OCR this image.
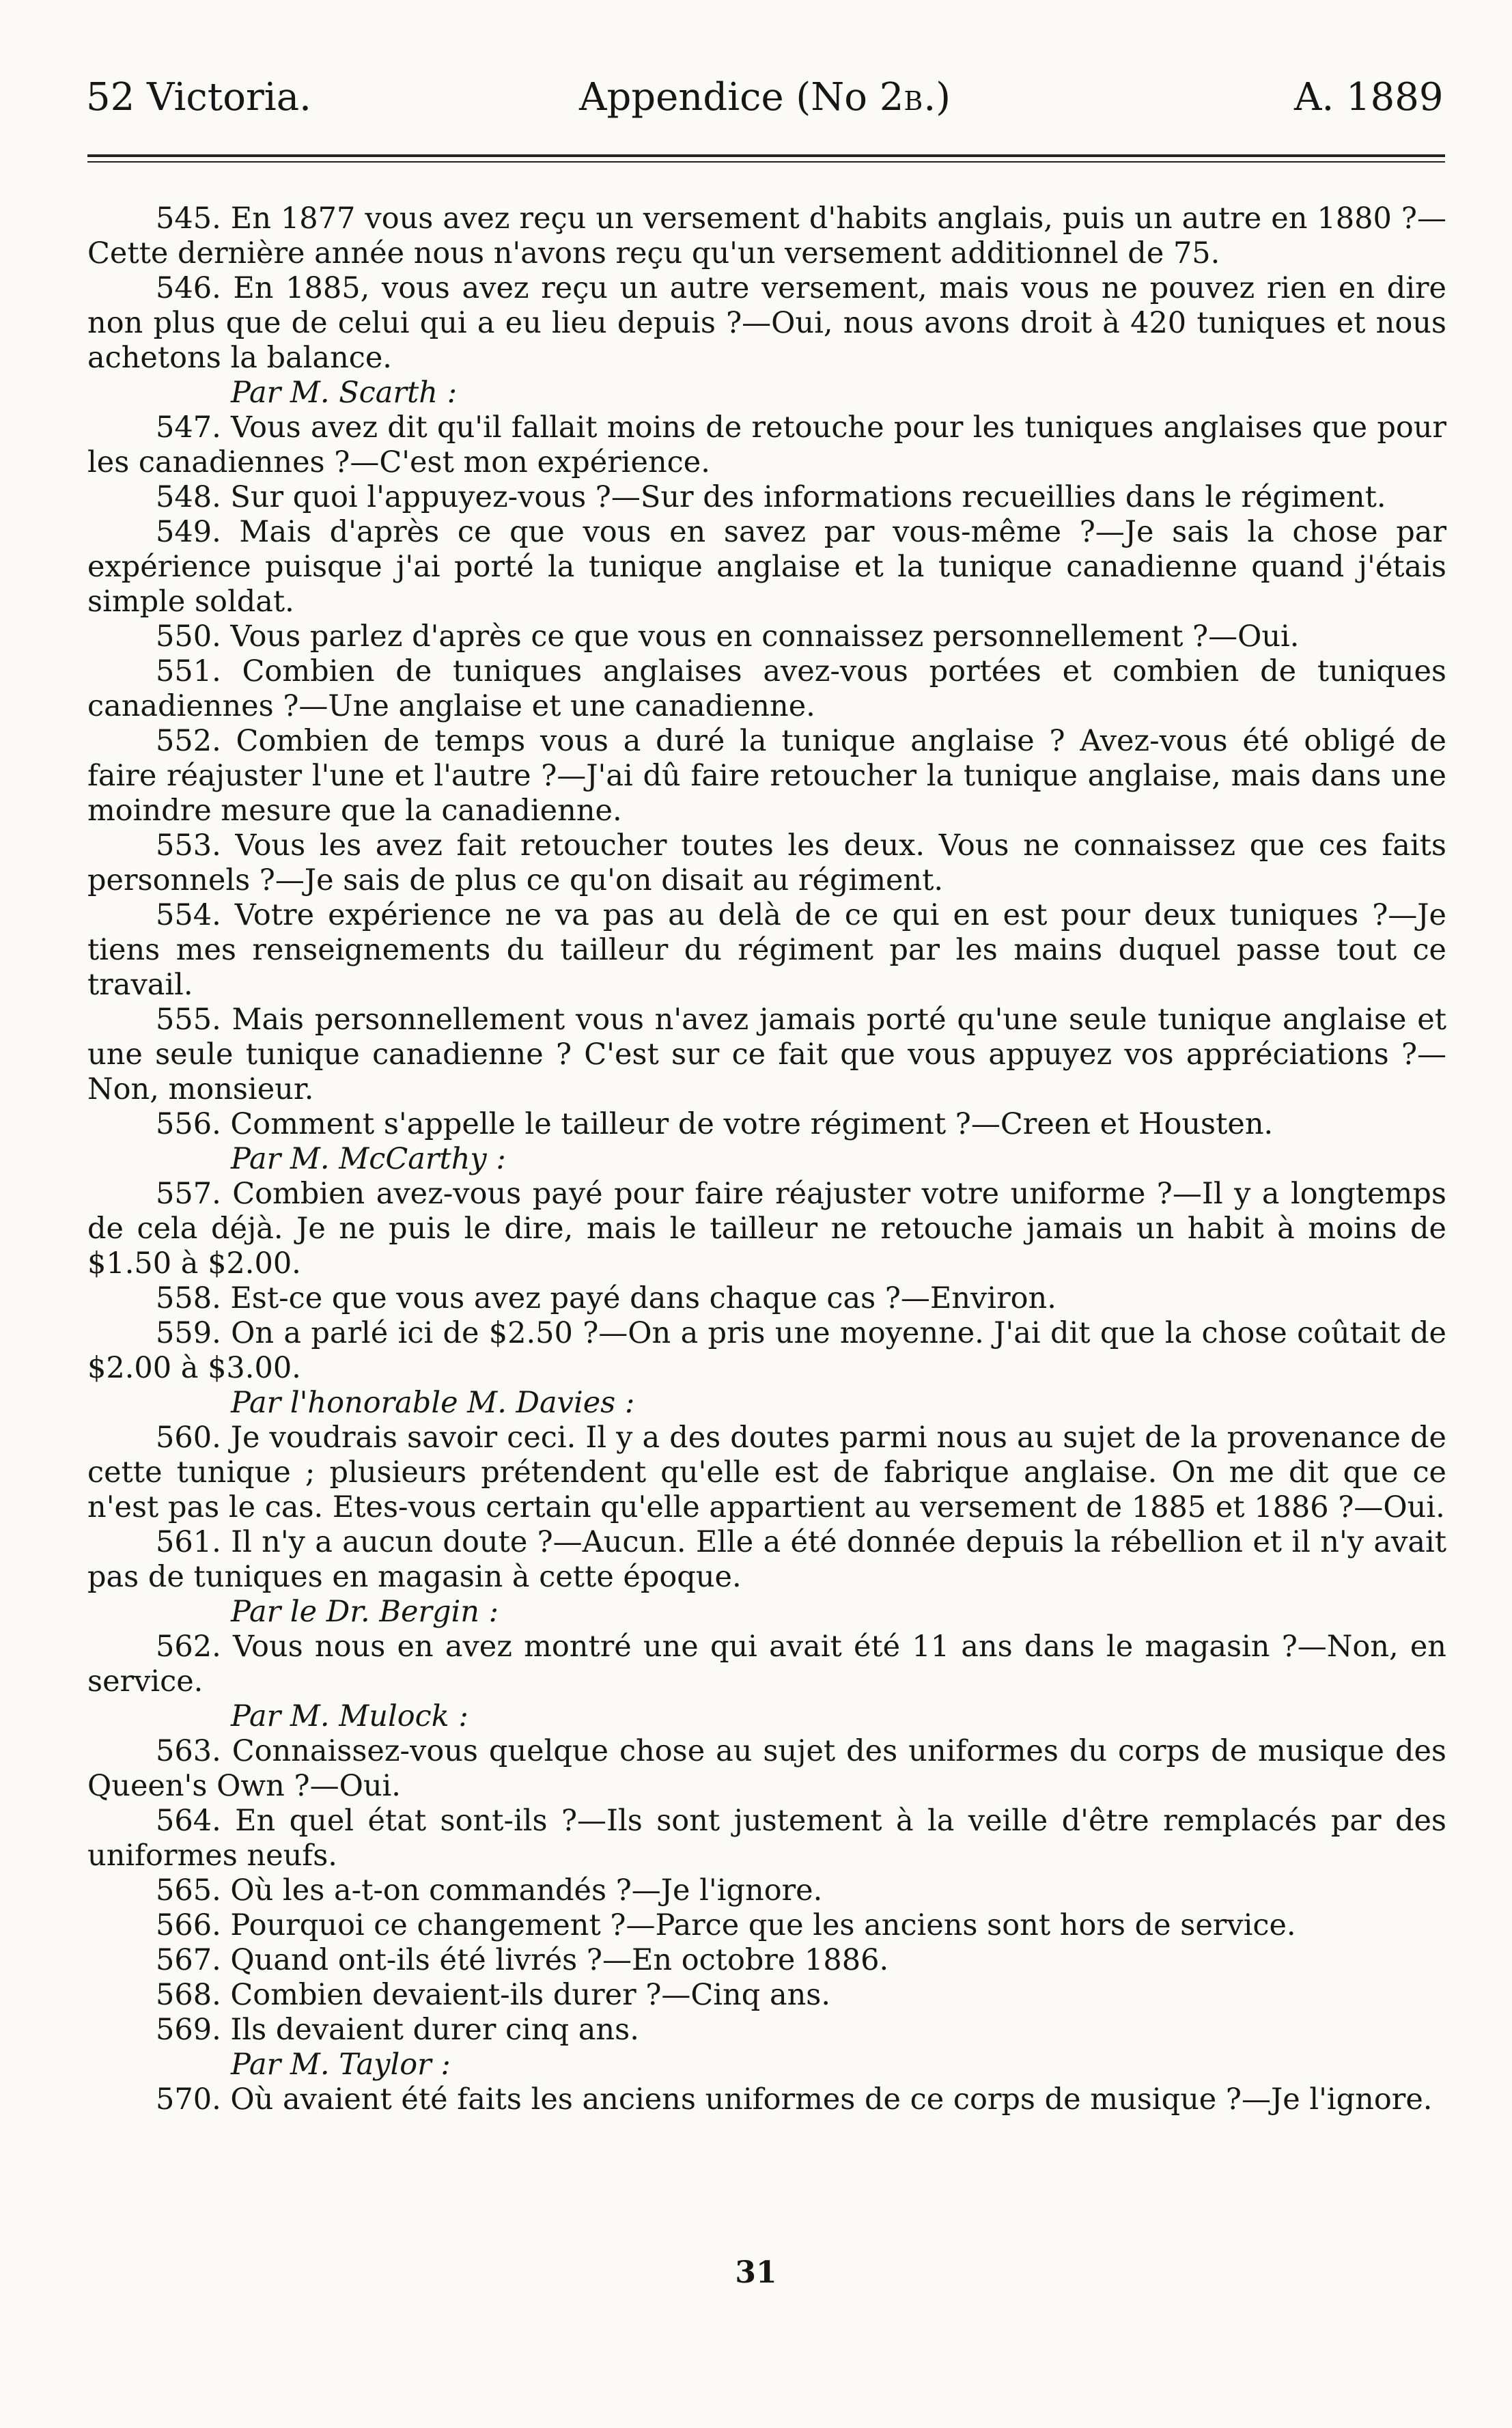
52 Victoria.	Appendice (No 2B.)	A. 1889

545. En 1877 vous avez reçu un versement d'habits anglais, puis un autre en 1880 ?—Cette dernière année nous n'avons reçu qu'un versement additionnel de 75.

546. En 1885, vous avez reçu un autre versement, mais vous ne pouvez rien en dire non plus que de celui qui a eu lieu depuis ?—Oui, nous avons droit à 420 tuniques et nous achetons la balance.

Par M. Scarth :

547. Vous avez dit qu'il fallait moins de retouche pour les tuniques anglaises que pour les canadiennes ?—C'est mon expérience.

548. Sur quoi l'appuyez-vous ?—Sur des informations recueillies dans le régiment.

549. Mais d'après ce que vous en savez par vous-même ?—Je sais la chose par expérience puisque j'ai porté la tunique anglaise et la tunique canadienne quand j'étais simple soldat.

550. Vous parlez d'après ce que vous en connaissez personnellement ?—Oui.

551. Combien de tuniques anglaises avez-vous portées et combien de tuniques canadiennes ?—Une anglaise et une canadienne.

552. Combien de temps vous a duré la tunique anglaise ? Avez-vous été obligé de faire réajuster l'une et l'autre ?—J'ai dû faire retoucher la tunique anglaise, mais dans une moindre mesure que la canadienne.

553. Vous les avez fait retoucher toutes les deux. Vous ne connaissez que ces faits personnels ?—Je sais de plus ce qu'on disait au régiment.

554. Votre expérience ne va pas au delà de ce qui en est pour deux tuniques ?—Je tiens mes renseignements du tailleur du régiment par les mains duquel passe tout ce travail.

555. Mais personnellement vous n'avez jamais porté qu'une seule tunique anglaise et une seule tunique canadienne ? C'est sur ce fait que vous appuyez vos appréciations ?—Non, monsieur.

556. Comment s'appelle le tailleur de votre régiment ?—Creen et Housten.

Par M. McCarthy :

557. Combien avez-vous payé pour faire réajuster votre uniforme ?—Il y a longtemps de cela déjà. Je ne puis le dire, mais le tailleur ne retouche jamais un habit à moins de $1.50 à $2.00.

558. Est-ce que vous avez payé dans chaque cas ?—Environ.

559. On a parlé ici de $2.50 ?—On a pris une moyenne. J'ai dit que la chose coûtait de $2.00 à $3.00.

Par l'honorable M. Davies :

560. Je voudrais savoir ceci. Il y a des doutes parmi nous au sujet de la provenance de cette tunique ; plusieurs prétendent qu'elle est de fabrique anglaise. On me dit que ce n'est pas le cas. Etes-vous certain qu'elle appartient au versement de 1885 et 1886 ?—Oui.

561. Il n'y a aucun doute ?—Aucun. Elle a été donnée depuis la rébellion et il n'y avait pas de tuniques en magasin à cette époque.

Par le Dr. Bergin :

562. Vous nous en avez montré une qui avait été 11 ans dans le magasin ?—Non, en service.

Par M. Mulock :

563. Connaissez-vous quelque chose au sujet des uniformes du corps de musique des Queen's Own ?—Oui.

564. En quel état sont-ils ?—Ils sont justement à la veille d'être remplacés par des uniformes neufs.

565. Où les a-t-on commandés ?—Je l'ignore.

566. Pourquoi ce changement ?—Parce que les anciens sont hors de service.

567. Quand ont-ils été livrés ?—En octobre 1886.

568. Combien devaient-ils durer ?—Cinq ans.

569. Ils devaient durer cinq ans.

Par M. Taylor :

570. Où avaient été faits les anciens uniformes de ce corps de musique ?—Je l'ignore.

31
